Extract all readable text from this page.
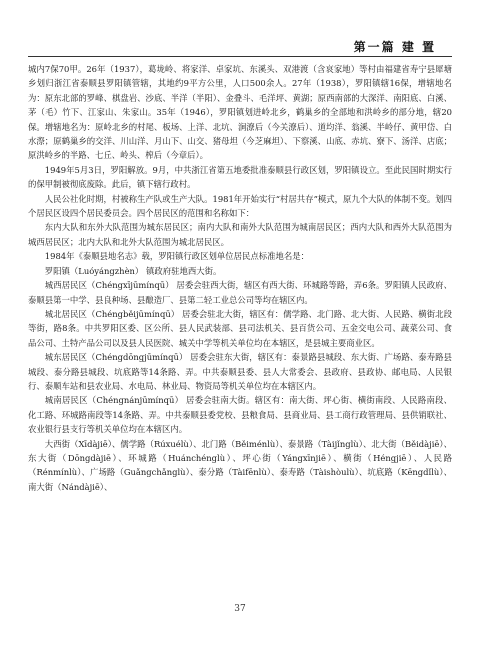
第一篇 建 置

城内7保70甲。26年（1937），葛垅岭、将家洋、卓家坑、东溪头、双港渡（含哀家地）等村由福建省寿宁县犀塘乡划归浙江省泰顺县罗阳镇管辖，其地约9平方公里，人口500余人。27年（1938），罗阳镇辖16保，增辖地名为：原东北部的罗峰、棋盘岩、沙底、半洋（半阳）、金叠斗、毛洋坪、黄湖；原西南部的大深洋、南阳底、白溪、茅（毛）竹下、江家山、朱家山。35年（1946），罗阳镇划进岭北乡，鹤巢乡的全部地和洪岭乡的部分地，辖20保。增辖地名为：原岭北乡的村尾、板场、上洋、北坑、涧潦后（今关潦后）、道均洋、翁溪、半岭仔、黄甲岱、白水漈；原鹤巢乡的交洋、川山洋、月山下、山交、猪母坦（今芝麻坦）、下察溪、山底、赤坑、寮下、汤洋、店底；原洪岭乡的半路、七丘、岭头、榨后（今章后）。

1949年5月3日，罗阳解放。9月，中共浙江省第五地委批准泰顺县行政区划，罗阳镇设立。至此民国时期实行的保甲制被彻底废除。此后，镇下辖行政村。

人民公社化时期，村被称生产队或生产大队。1981年开始实行“村居共存”模式，原九个大队的体制不变。划四个居民区设四个居民委员会。四个居民区的范围和名称如下：

东内大队和东外大队范围为城东居民区；南内大队和南外大队范围为城南居民区；西内大队和西外大队范围为城西居民区；北内大队和北外大队范围为城北居民区。

1984年《泰顺县地名志》载，罗阳镇行政区划单位居民点标准地名是：

罗阳镇（Luóyángzhèn） 镇政府驻地西大街。

城西居民区（Chéngxījūmínqū） 居委会驻西大街，辖区有西大街、环城路等路，弄6条。罗阳镇人民政府、泰顺县第一中学、县良种场、县酿造厂、县第二轻工业总公司等均在辖区内。

城北居民区（Chéngběijūmínqū） 居委会驻北大街，辖区有：儒学路、北门路、北大街、人民路、横街北段等街，路8条。中共罗阳区委、区公所、县人民武装部、县司法机关、县百货公司、五金交电公司、蔬菜公司、食品公司、土特产品公司以及县人民医院、城关中学等机关单位均在本辖区，是县城主要商业区。

城东居民区（Chéngdōngjūmínqū） 居委会驻东大街，辖区有：泰景路县城段、东大街、广场路、泰寿路县城段、泰分路县城段、坑底路等14条路、弄。中共泰顺县委、县人大常委会、县政府、县政协、邮电局、人民银行、泰顺车站和县农业局、水电局、林业局、物资局等机关单位均在本辖区内。

城南居民区（Chéngnánjūmínqū） 居委会驻南大街。辖区有：南大街、坪心街、横街南段、人民路南段、化工路、环城路南段等14条路、弄。中共泰顺县委党校、县粮食局、县商业局、县工商行政管理局、县供销联社、农业银行县支行等机关单位均在本辖区内。

大西街（Xīdàjiē）、儒学路（Rúxuélù）、北门路（Běiménlù）、泰景路（Tàijǐnglù）、北大街（Běidàjiē）、东大街（Dōngdàjiē）、环城路（Huánchénglù）、坪心街（Yángxīnjiē）、横街（Héngjiē）、人民路（Rénmínlù）、广场路（Guǎngchǎnglù）、泰分路（Tàifēnlù）、泰寿路（Tàishòulù）、坑底路（Kēngdǐlù）、南大街（Nándàjiē）、

37
